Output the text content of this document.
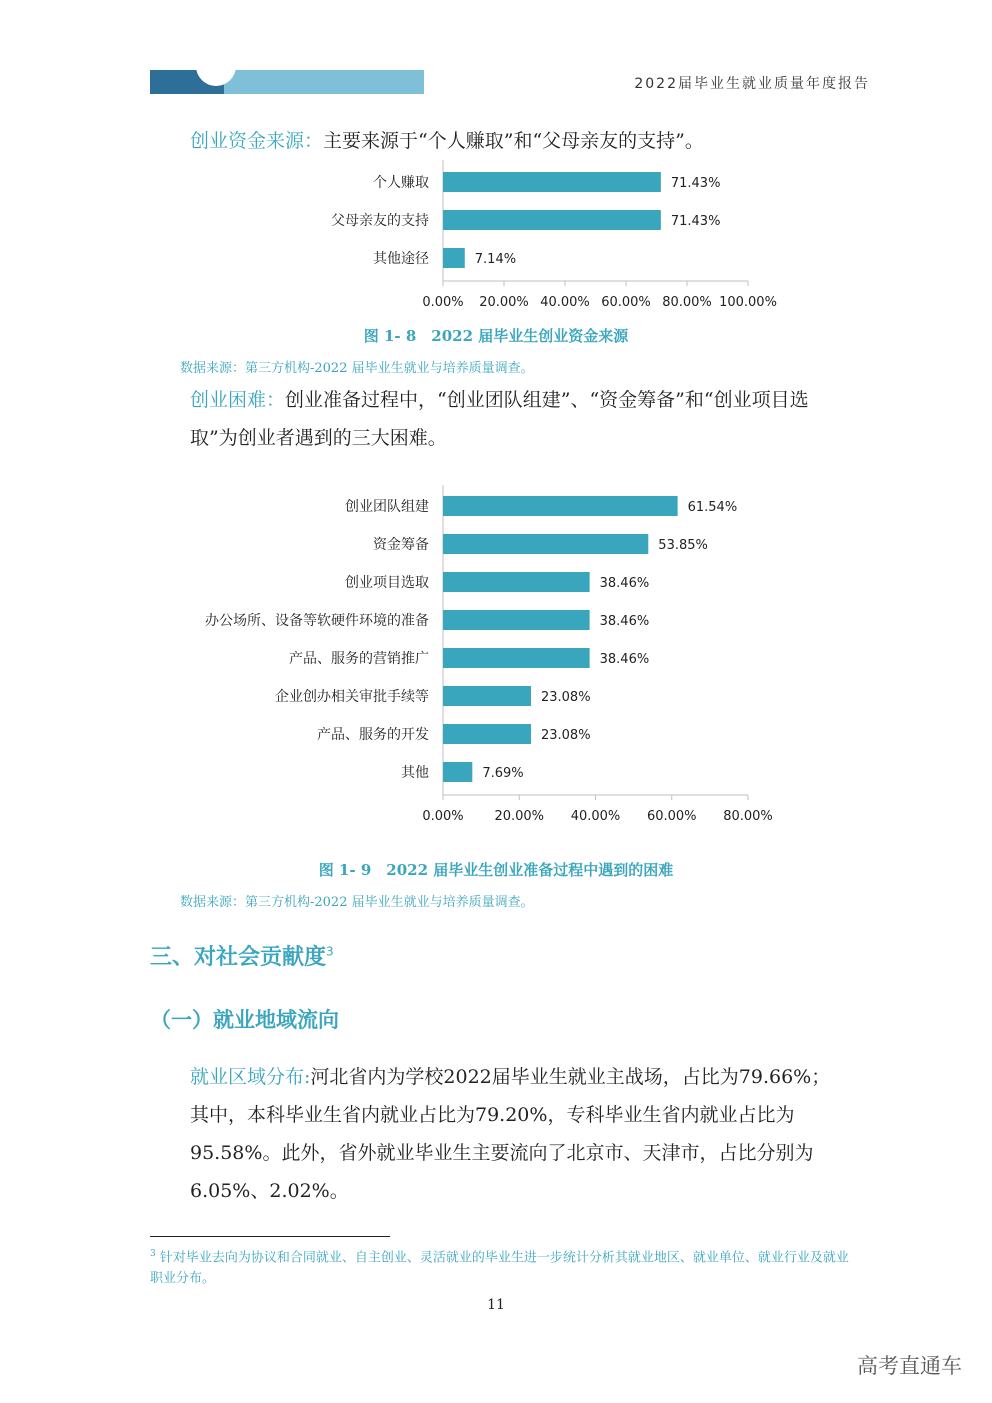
2022届毕业生就业质量年度报告
创业资金来源：主要来源于“个人赚取”和“父母亲友的支持”。
0.00% 20.00% 40.00% 60.00% 80.00% 100.00%
个人赚取	71.43%
父母亲友的支持	71.43%
其他途径	7.14%
图 1- 8　2022 届毕业生创业资金来源
数据来源：第三方机构-2022 届毕业生就业与培养质量调查。
创业困难：创业准备过程中，“创业团队组建”、“资金筹备”和“创业项目选取”为创业者遇到的三大困难。
0.00% 20.00% 40.00% 60.00% 80.00%
创业团队组建	61.54%
资金筹备	53.85%
创业项目选取	38.46%
办公场所、设备等软硬件环境的准备	38.46%
产品、服务的营销推广	38.46%
企业创办相关审批手续等	23.08%
产品、服务的开发	23.08%
其他	7.69%
图 1- 9　2022 届毕业生创业准备过程中遇到的困难
数据来源：第三方机构-2022 届毕业生就业与培养质量调查。
三、对社会贡献度$^3$
（一）就业地域流向
就业区域分布:河北省内为学校2022届毕业生就业主战场，占比为79.66%；其中，本科毕业生省内就业占比为79.20%，专科毕业生省内就业占比为95.58%。此外，省外就业毕业生主要流向了北京市、天津市，占比分别为6.05%、2.02%。
$^3$ 针对毕业去向为协议和合同就业、自主创业、灵活就业的毕业生进一步统计分析其就业地区、就业单位、就业行业及就业职业分布。
11
高考直通车
